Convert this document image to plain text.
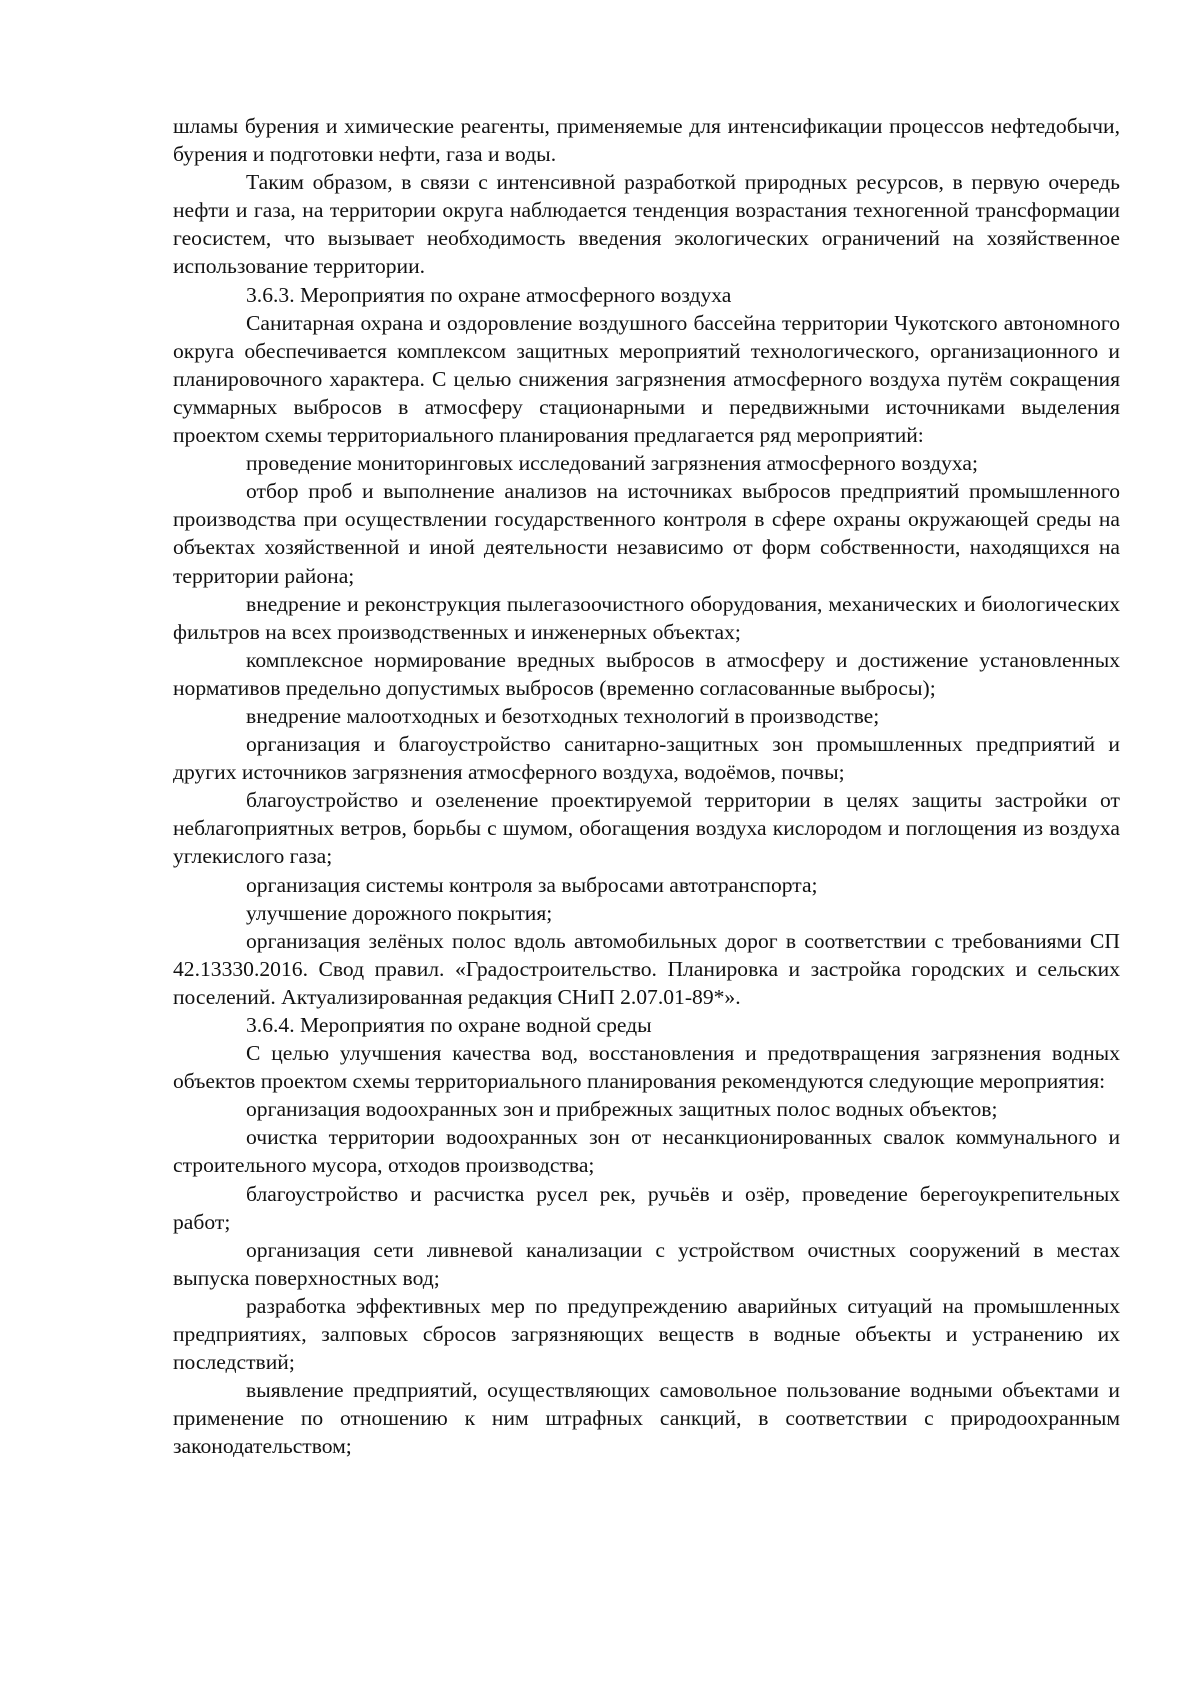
шламы бурения и химические реагенты, применяемые для интенсификации процессов нефтедобычи, бурения и подготовки нефти, газа и воды.

Таким образом, в связи с интенсивной разработкой природных ресурсов, в первую очередь нефти и газа, на территории округа наблюдается тенденция возрастания техногенной трансформации геосистем, что вызывает необходимость введения экологических ограничений на хозяйственное использование территории.

3.6.3. Мероприятия по охране атмосферного воздуха

Санитарная охрана и оздоровление воздушного бассейна территории Чукотского автономного округа обеспечивается комплексом защитных мероприятий технологического, организационного и планировочного характера. С целью снижения загрязнения атмосферного воздуха путём сокращения суммарных выбросов в атмосферу стационарными и передвижными источниками выделения проектом схемы территориального планирования предлагается ряд мероприятий:

проведение мониторинговых исследований загрязнения атмосферного воздуха;

отбор проб и выполнение анализов на источниках выбросов предприятий промышленного производства при осуществлении государственного контроля в сфере охраны окружающей среды на объектах хозяйственной и иной деятельности независимо от форм собственности, находящихся на территории района;

внедрение и реконструкция пылегазоочистного оборудования, механических и биологических фильтров на всех производственных и инженерных объектах;

комплексное нормирование вредных выбросов в атмосферу и достижение установленных нормативов предельно допустимых выбросов (временно согласованные выбросы);

внедрение малоотходных и безотходных технологий в производстве;

организация и благоустройство санитарно-защитных зон промышленных предприятий и других источников загрязнения атмосферного воздуха, водоёмов, почвы;

благоустройство и озеленение проектируемой территории в целях защиты застройки от неблагоприятных ветров, борьбы с шумом, обогащения воздуха кислородом и поглощения из воздуха углекислого газа;

организация системы контроля за выбросами автотранспорта;

улучшение дорожного покрытия;

организация зелёных полос вдоль автомобильных дорог в соответствии с требованиями СП 42.13330.2016. Свод правил. «Градостроительство. Планировка и застройка городских и сельских поселений. Актуализированная редакция СНиП 2.07.01-89*».

3.6.4. Мероприятия по охране водной среды

С целью улучшения качества вод, восстановления и предотвращения загрязнения водных объектов проектом схемы территориального планирования рекомендуются следующие мероприятия:

организация водоохранных зон и прибрежных защитных полос водных объектов;

очистка территории водоохранных зон от несанкционированных свалок коммунального и строительного мусора, отходов производства;

благоустройство и расчистка русел рек, ручьёв и озёр, проведение берегоукрепительных работ;

организация сети ливневой канализации с устройством очистных сооружений в местах выпуска поверхностных вод;

разработка эффективных мер по предупреждению аварийных ситуаций на промышленных предприятиях, залповых сбросов загрязняющих веществ в водные объекты и устранению их последствий;

выявление предприятий, осуществляющих самовольное пользование водными объектами и применение по отношению к ним штрафных санкций, в соответствии с природоохранным законодательством;
